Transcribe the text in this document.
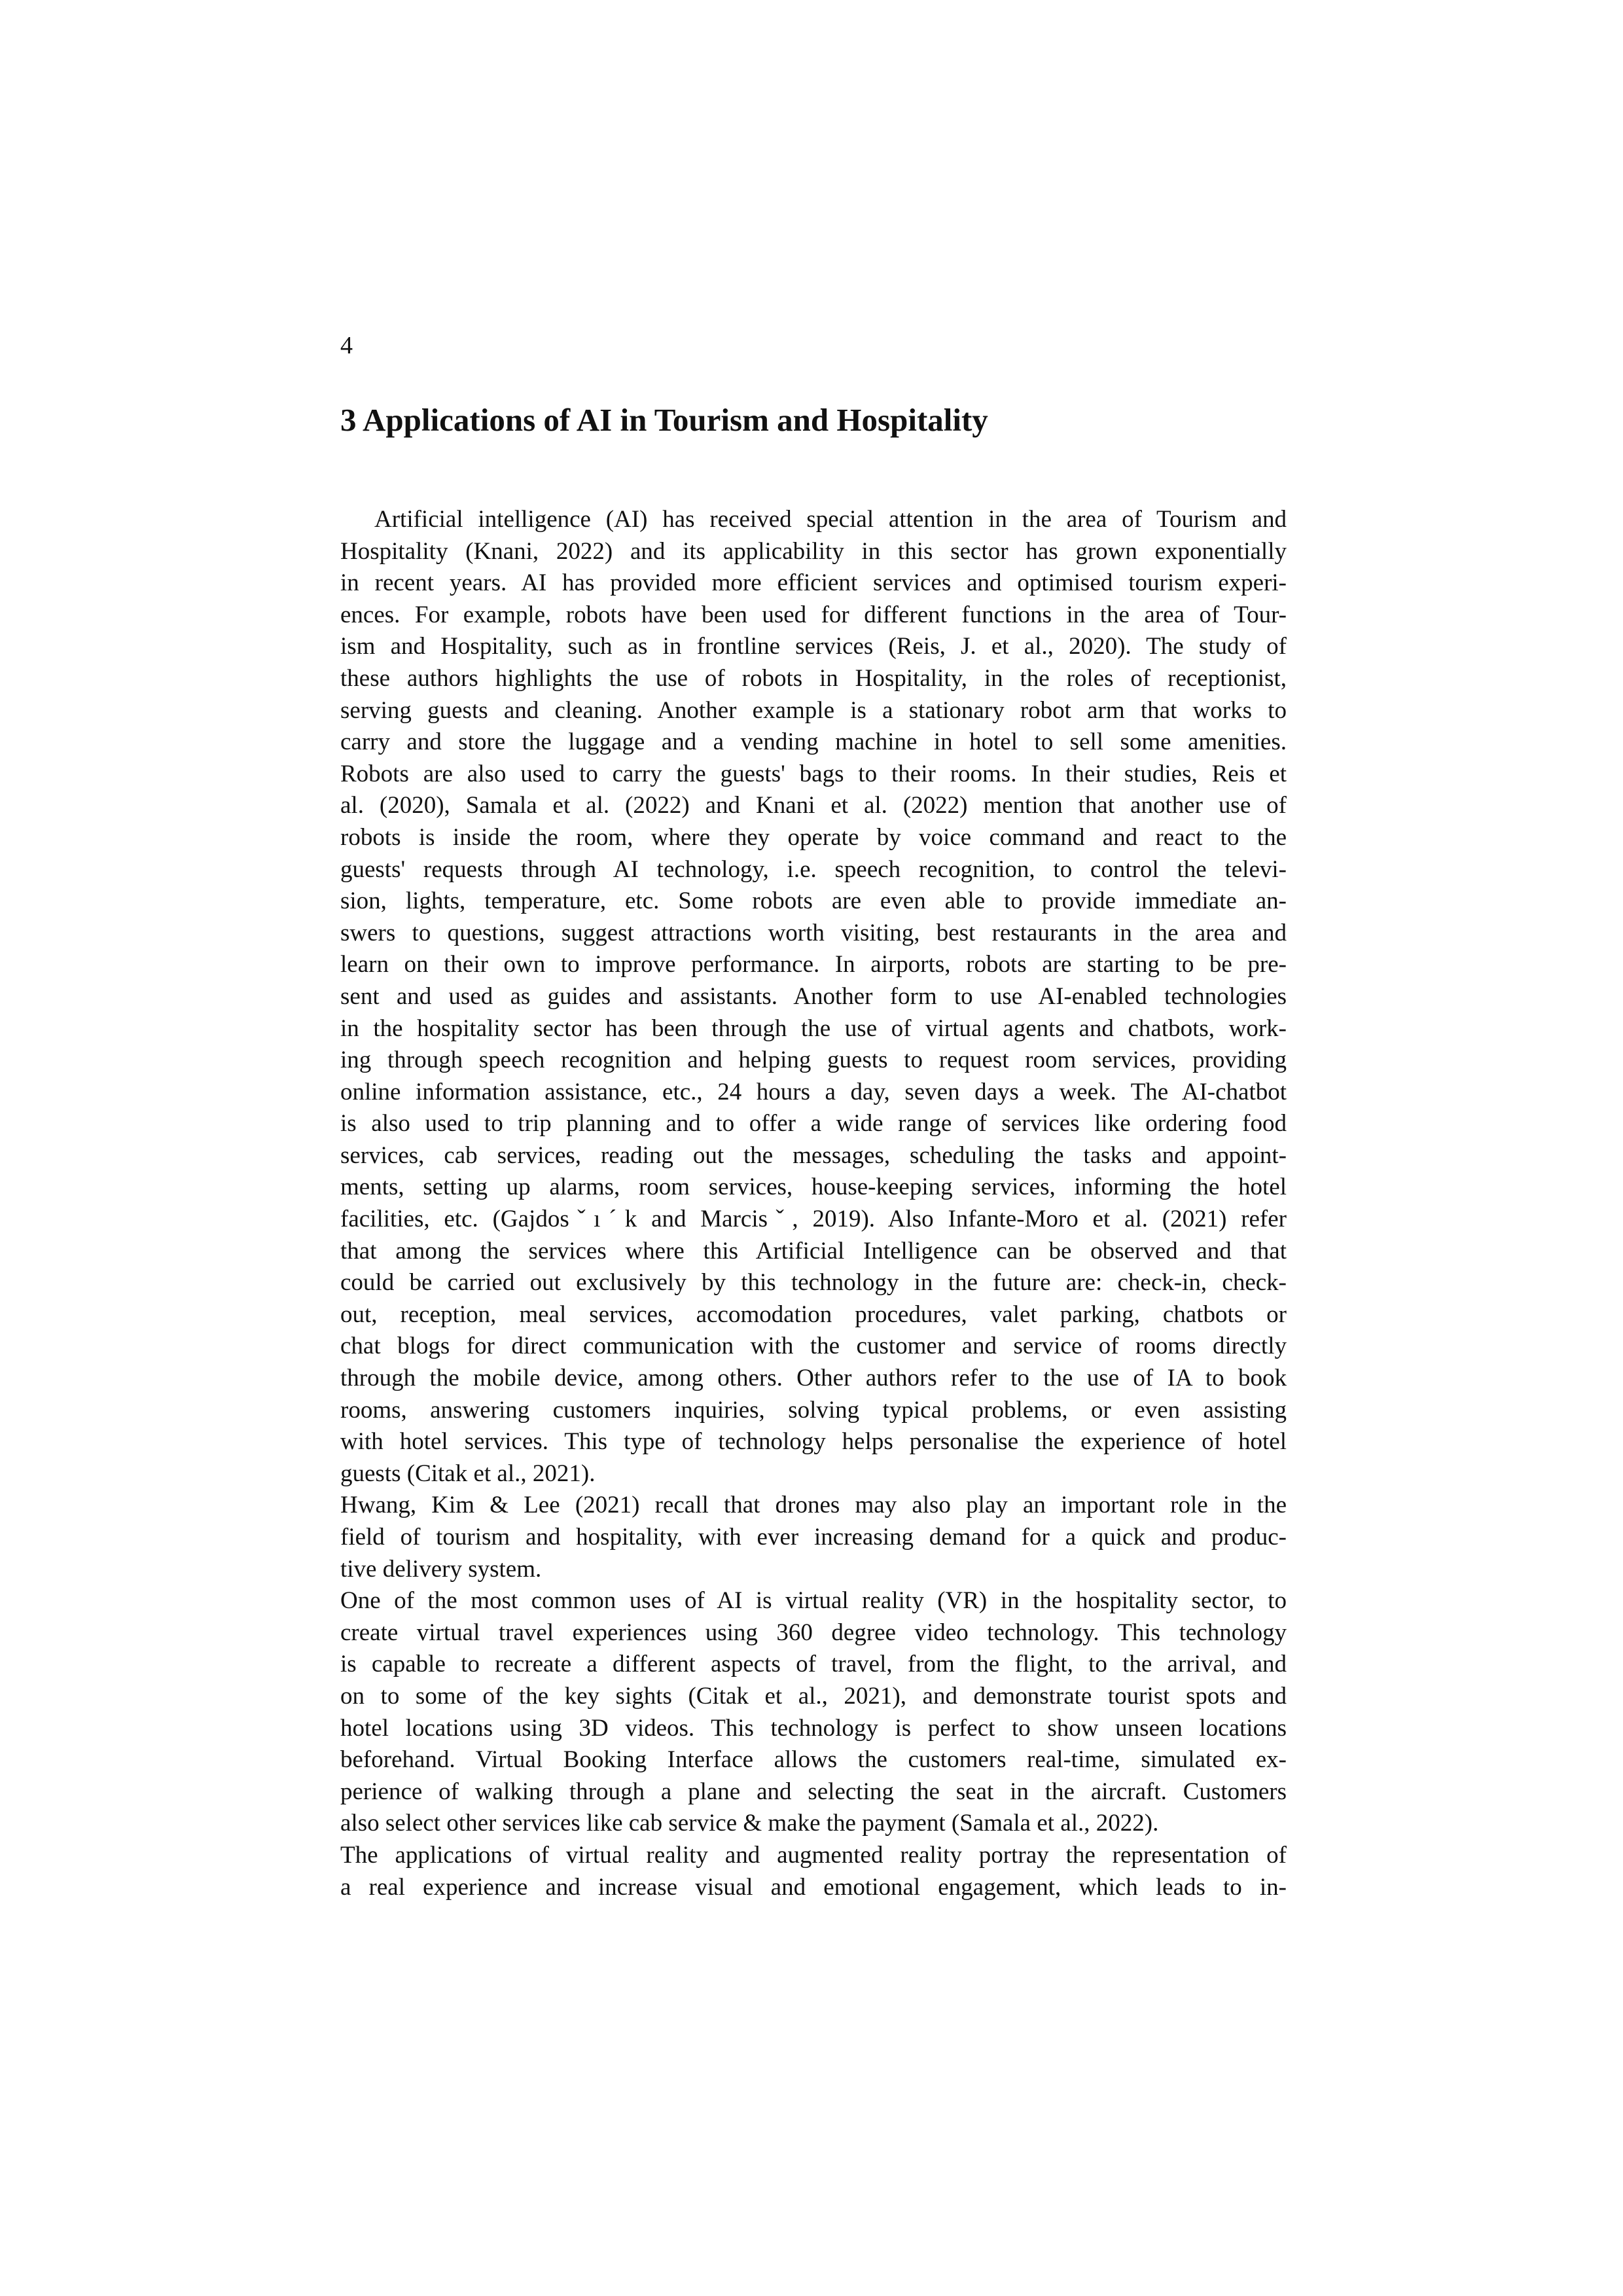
4
3 Applications of AI in Tourism and Hospitality
Artificial intelligence (AI) has received special attention in the area of Tourism and
Hospitality (Knani, 2022) and its applicability in this sector has grown exponentially
in recent years. AI has provided more efficient services and optimised tourism experi-
ences. For example, robots have been used for different functions in the area of Tour-
ism and Hospitality, such as in frontline services (Reis, J. et al., 2020). The study of
these authors highlights the use of robots in Hospitality, in the roles of receptionist,
serving guests and cleaning. Another example is a stationary robot arm that works to
carry and store the luggage and a vending machine in hotel to sell some amenities.
Robots are also used to carry the guests' bags to their rooms. In their studies, Reis et
al. (2020), Samala et al. (2022) and Knani et al. (2022) mention that another use of
robots is inside the room, where they operate by voice command and react to the
guests' requests through AI technology, i.e. speech recognition, to control the televi-
sion, lights, temperature, etc. Some robots are even able to provide immediate an-
swers to questions, suggest attractions worth visiting, best restaurants in the area and
learn on their own to improve performance. In airports, robots are starting to be pre-
sent and used as guides and assistants. Another form to use AI-enabled technologies
in the hospitality sector has been through the use of virtual agents and chatbots, work-
ing through speech recognition and helping guests to request room services, providing
online information assistance, etc., 24 hours a day, seven days a week. The AI-chatbot
is also used to trip planning and to offer a wide range of services like ordering food
services, cab services, reading out the messages, scheduling the tasks and appoint-
ments, setting up alarms, room services, house-keeping services, informing the hotel
facilities, etc. (Gajdosˇıˊk and Marcisˇ, 2019). Also Infante-Moro et al. (2021) refer
that among the services where this Artificial Intelligence can be observed and that
could be carried out exclusively by this technology in the future are: check-in, check-
out, reception, meal services, accomodation procedures, valet parking, chatbots or
chat blogs for direct communication with the customer and service of rooms directly
through the mobile device, among others. Other authors refer to the use of IA to book
rooms, answering customers inquiries, solving typical problems, or even assisting
with hotel services. This type of technology helps personalise the experience of hotel
guests (Citak et al., 2021).
Hwang, Kim & Lee (2021) recall that drones may also play an important role in the
field of tourism and hospitality, with ever increasing demand for a quick and produc-
tive delivery system.
One of the most common uses of AI is virtual reality (VR) in the hospitality sector, to
create virtual travel experiences using 360 degree video technology. This technology
is capable to recreate a different aspects of travel, from the flight, to the arrival, and
on to some of the key sights (Citak et al., 2021), and demonstrate tourist spots and
hotel locations using 3D videos. This technology is perfect to show unseen locations
beforehand. Virtual Booking Interface allows the customers real-time, simulated ex-
perience of walking through a plane and selecting the seat in the aircraft. Customers
also select other services like cab service & make the payment (Samala et al., 2022).
The applications of virtual reality and augmented reality portray the representation of
a real experience and increase visual and emotional engagement, which leads to in-
